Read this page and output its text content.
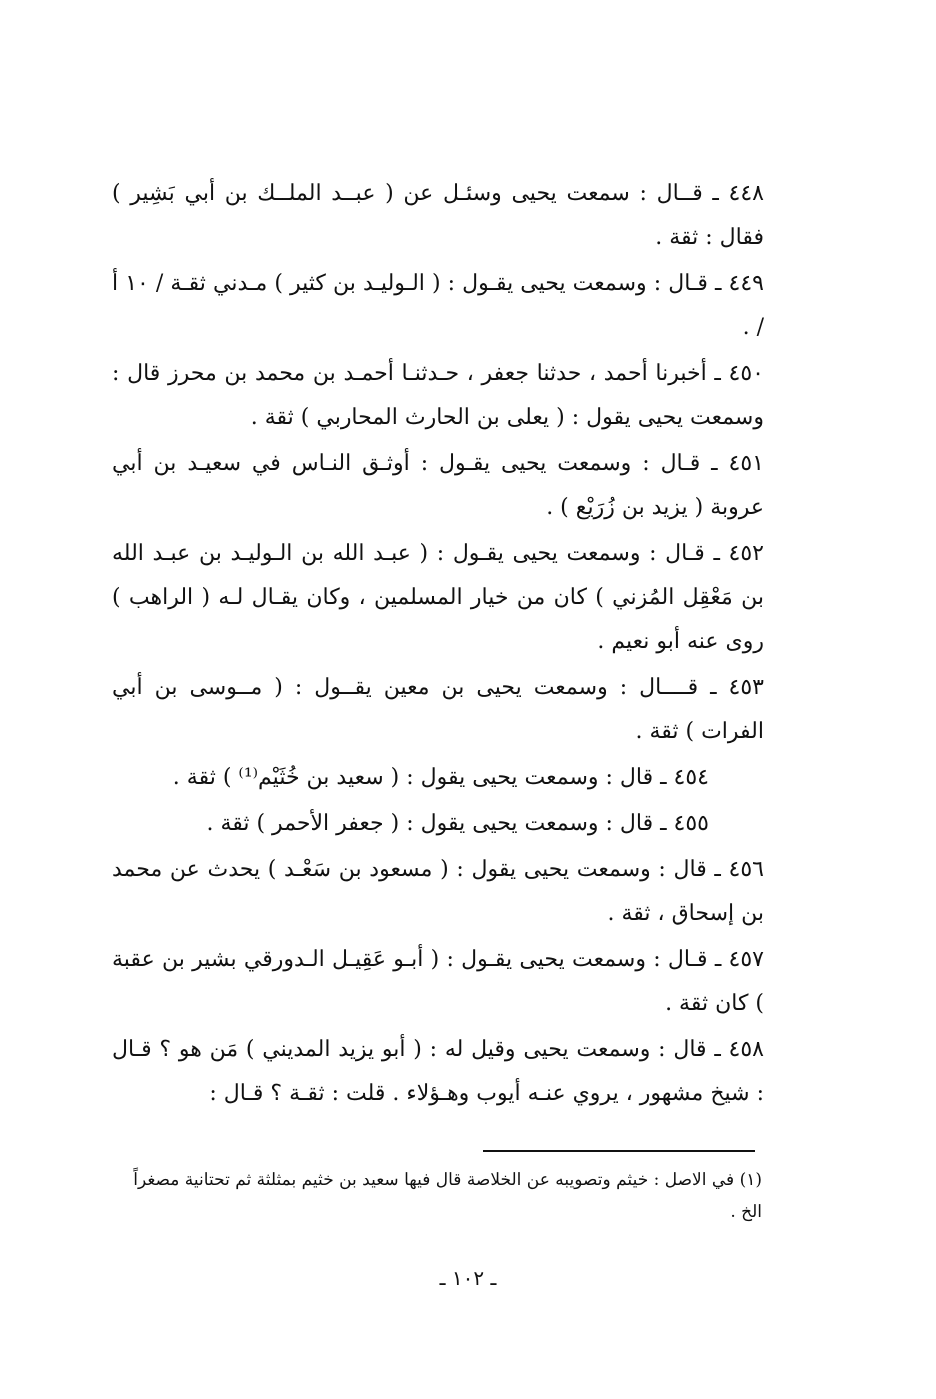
٤٤٨ ـ قــال : سمعت يحيى وسئـل عن ( عبــد الملــك بن أبي بَشِير ) فقال : ثقة .

٤٤٩ ـ قـال : وسمعت يحيى يقـول : ( الـوليـد بن كثير ) مـدني ثقـة / ١٠ أ / .

٤٥٠ ـ أخبرنا أحمد ، حدثنا جعفر ، حـدثنـا أحمـد بن محمد بن محرز قال : وسمعت يحيى يقول : ( يعلى بن الحارث المحاربي ) ثقة .

٤٥١ ـ قـال : وسمعت يحيى يقـول : أوثـق النـاس في سعيـد بن أبي عروبة ( يزيد بن زُرَيْع ) .

٤٥٢ ـ قـال : وسمعت يحيى يقـول : ( عبـد الله بن الـوليـد بن عبـد الله بن مَعْقِل المُزني ) كان من خيار المسلمين ، وكان يقـال لـه ( الراهب ) روى عنه أبو نعيم .

٤٥٣ ـ قــــال : وسمعت يحيى بن معين يقــول : ( مــوسى بن أبي الفرات ) ثقة .

٤٥٤ ـ قال : وسمعت يحيى يقول : ( سعيد بن خُثَيْم⁽¹⁾ ) ثقة .

٤٥٥ ـ قال : وسمعت يحيى يقول : ( جعفر الأحمر ) ثقة .

٤٥٦ ـ قال : وسمعت يحيى يقول : ( مسعود بن سَعْـد ) يحدث عن محمد بن إسحاق ، ثقة .

٤٥٧ ـ قـال : وسمعت يحيى يقـول : ( أبـو عَقِيـل الـدورقي بشير بن عقبة ) كان ثقة .

٤٥٨ ـ قال : وسمعت يحيى وقيل له : ( أبو يزيد المديني ) مَن هو ؟ قـال : شيخ مشهور ، يروي عنـه أيوب وهـؤلاء . قلت : ثقـة ؟ قـال :

(١) في الاصل : خيثم وتصويبه عن الخلاصة قال فيها سعيد بن خثيم بمثلثة ثم تحتانية مصغراً الخ .
ـ ١٠٢ ـ
